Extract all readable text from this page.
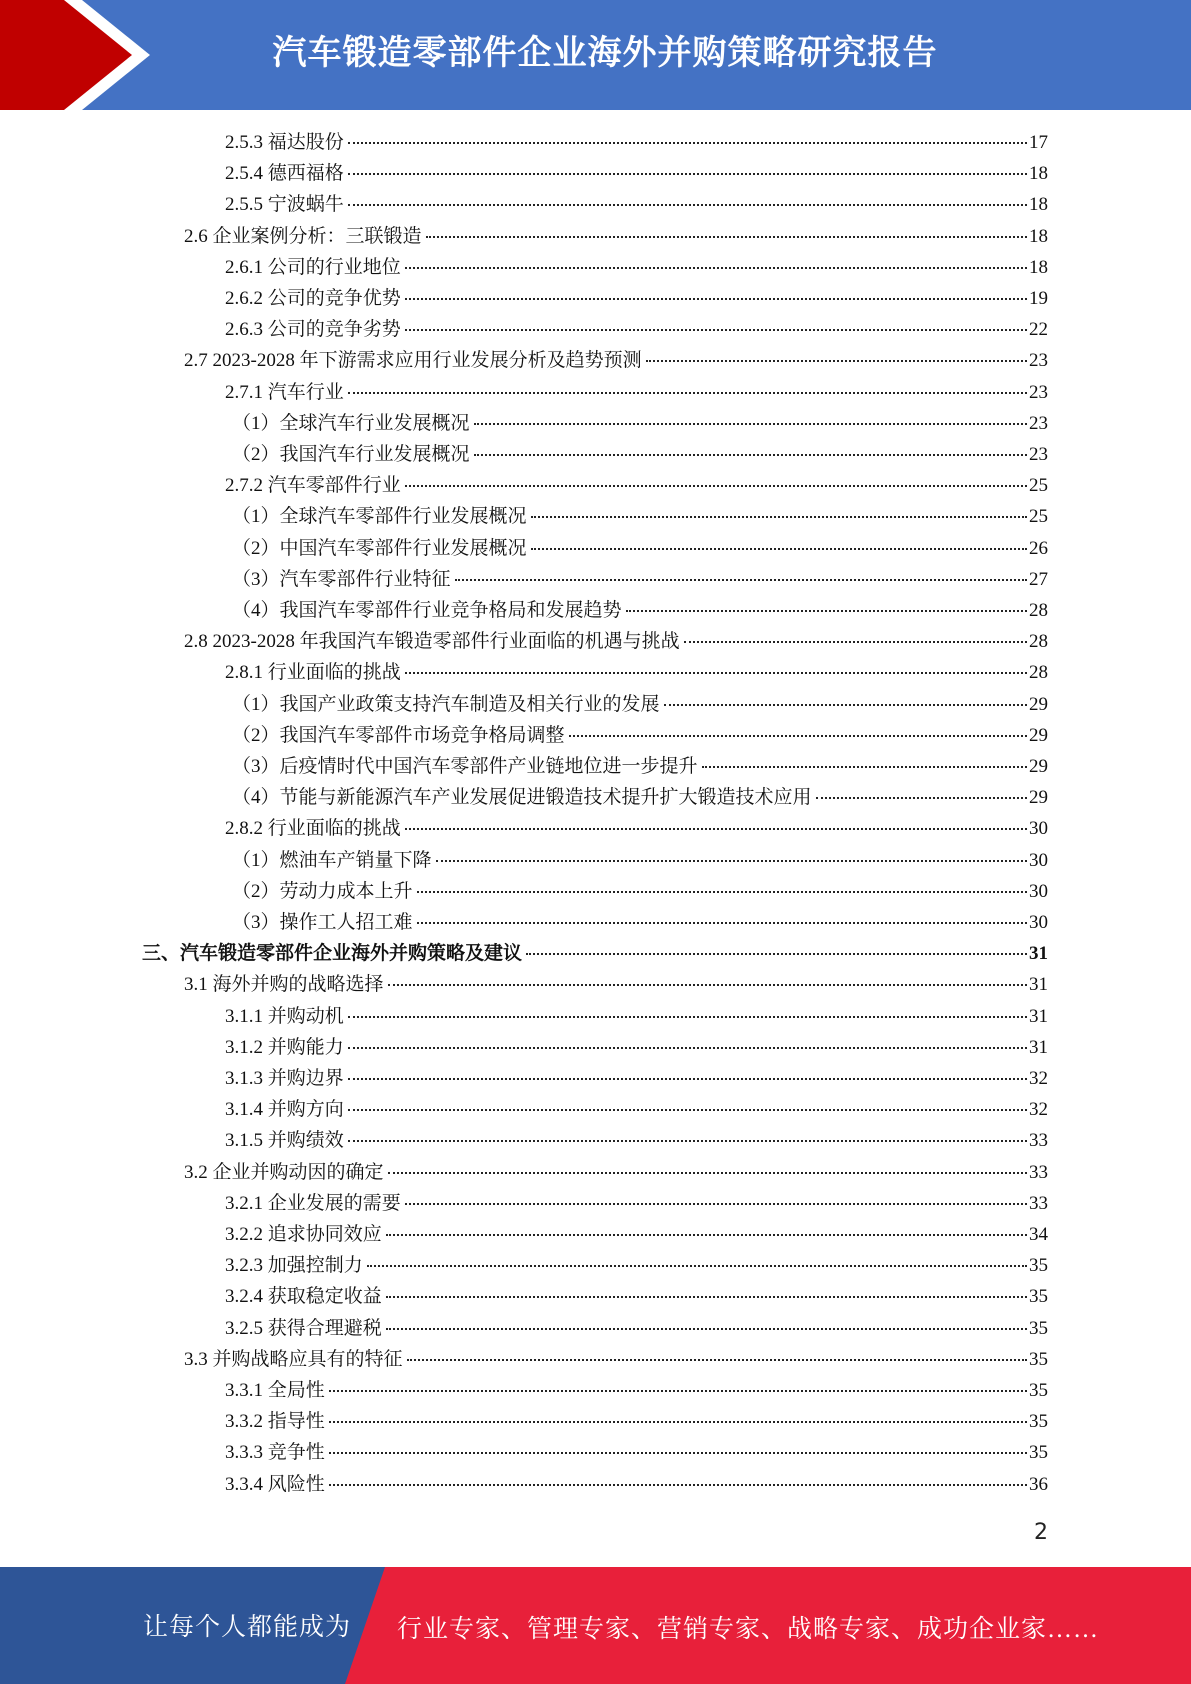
汽车锻造零部件企业海外并购策略研究报告
2.5.3 福达股份	17
2.5.4 德西福格	18
2.5.5 宁波蜗牛	18
2.6 企业案例分析：三联锻造	18
2.6.1 公司的行业地位	18
2.6.2 公司的竞争优势	19
2.6.3 公司的竞争劣势	22
2.7 2023-2028 年下游需求应用行业发展分析及趋势预测	23
2.7.1 汽车行业	23
（1）全球汽车行业发展概况	23
（2）我国汽车行业发展概况	23
2.7.2 汽车零部件行业	25
（1）全球汽车零部件行业发展概况	25
（2）中国汽车零部件行业发展概况	26
（3）汽车零部件行业特征	27
（4）我国汽车零部件行业竞争格局和发展趋势	28
2.8 2023-2028 年我国汽车锻造零部件行业面临的机遇与挑战	28
2.8.1 行业面临的挑战	28
（1）我国产业政策支持汽车制造及相关行业的发展	29
（2）我国汽车零部件市场竞争格局调整	29
（3）后疫情时代中国汽车零部件产业链地位进一步提升	29
（4）节能与新能源汽车产业发展促进锻造技术提升扩大锻造技术应用	29
2.8.2 行业面临的挑战	30
（1）燃油车产销量下降	30
（2）劳动力成本上升	30
（3）操作工人招工难	30
三、汽车锻造零部件企业海外并购策略及建议	31
3.1 海外并购的战略选择	31
3.1.1 并购动机	31
3.1.2 并购能力	31
3.1.3 并购边界	32
3.1.4 并购方向	32
3.1.5 并购绩效	33
3.2 企业并购动因的确定	33
3.2.1 企业发展的需要	33
3.2.2 追求协同效应	34
3.2.3 加强控制力	35
3.2.4 获取稳定收益	35
3.2.5 获得合理避税	35
3.3 并购战略应具有的特征	35
3.3.1 全局性	35
3.3.2 指导性	35
3.3.3 竞争性	35
3.3.4 风险性	36
2
让每个人都能成为 行业专家、管理专家、营销专家、战略专家、成功企业家……
